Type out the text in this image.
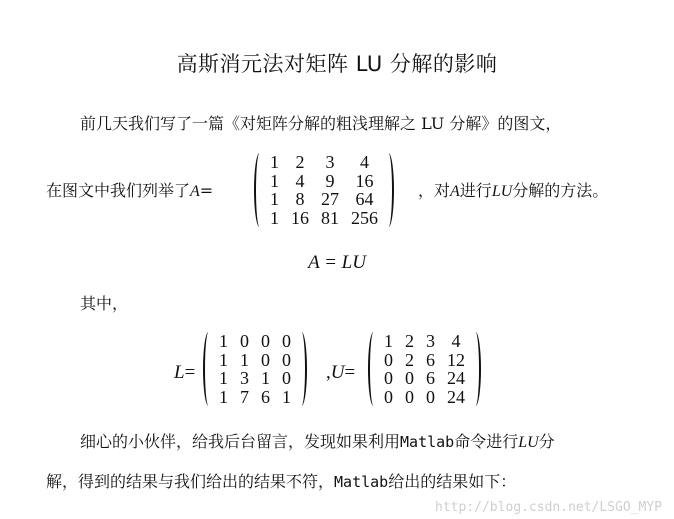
高斯消元法对矩阵 LU 分解的影响
前几天我们写了一篇《对矩阵分解的粗浅理解之 LU 分解》的图文，
在图文中我们列举了A=
1	2	3	4
1	4	9	16
1	8	27	64
1	16	81	256
，对A进行LU分解的方法。
A = LU
其中，
L=
1	0	0	0
1	1	0	0
1	3	1	0
1	7	6	1
,U=
1	2	3	4
0	2	6	12
0	0	6	24
0	0	0	24
细心的小伙伴，给我后台留言，发现如果利用Matlab命令进行LU分
解，得到的结果与我们给出的结果不符，Matlab给出的结果如下：
http://blog.csdn.net/LSGO_MYP
